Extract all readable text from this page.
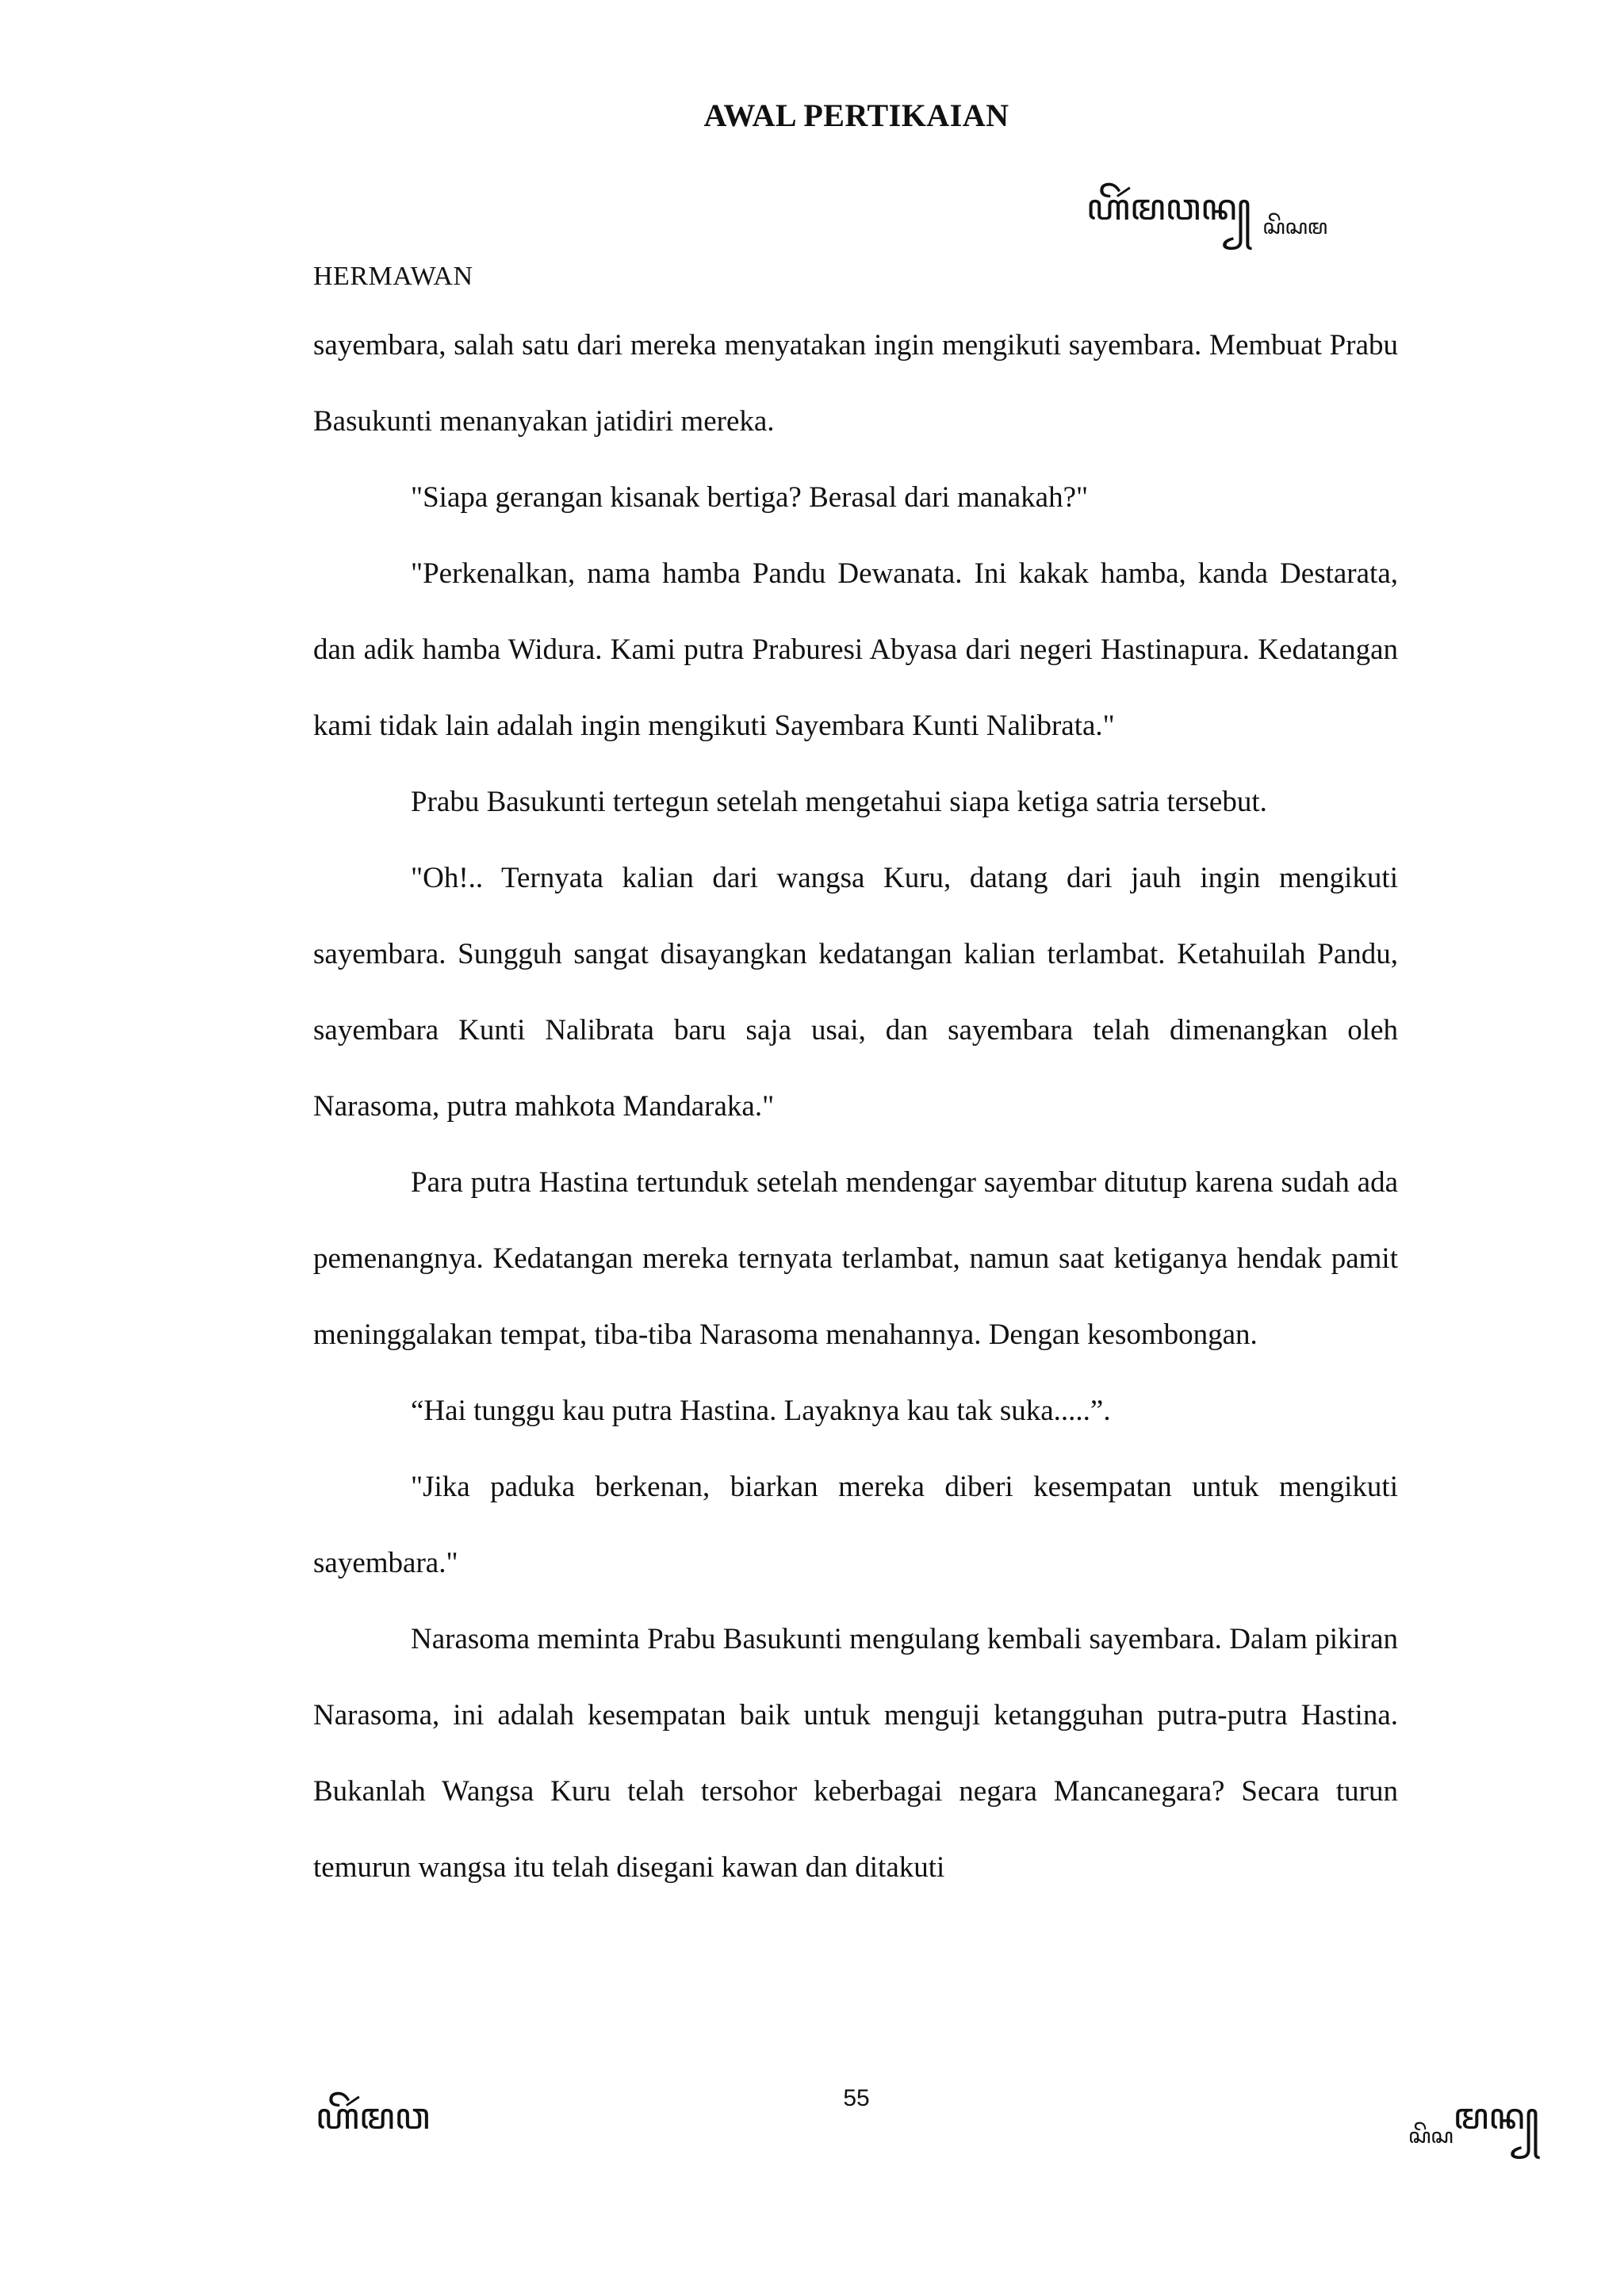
AWAL PERTIKAIAN
ꦲꦼꦂꦩꦮꦤ꧀ $_{ꦱꦼꦱꦩ}$
HERMAWAN

sayembara, salah satu dari mereka menyatakan ingin mengikuti sayembara. Membuat Prabu Basukunti menanyakan jatidiri mereka.

"Siapa gerangan kisanak bertiga? Berasal dari manakah?"

"Perkenalkan, nama hamba Pandu Dewanata. Ini kakak hamba, kanda Destarata, dan adik hamba Widura. Kami putra Praburesi Abyasa dari negeri Hastinapura. Kedatangan kami tidak lain adalah ingin mengikuti Sayembara Kunti Nalibrata."

Prabu Basukunti tertegun setelah mengetahui siapa ketiga satria tersebut.

"Oh!.. Ternyata kalian dari wangsa Kuru, datang dari jauh ingin mengikuti sayembara. Sungguh sangat disayangkan kedatangan kalian terlambat. Ketahuilah Pandu, sayembara Kunti Nalibrata baru saja usai, dan sayembara telah dimenangkan oleh Narasoma, putra mahkota Mandaraka."

Para putra Hastina tertunduk setelah mendengar sayembar ditutup karena sudah ada pemenangnya. Kedatangan mereka ternyata terlambat, namun saat ketiganya hendak pamit meninggalakan tempat, tiba-tiba Narasoma menahannya. Dengan kesombongan.

“Hai tunggu kau putra Hastina. Layaknya kau tak suka.....”.

"Jika paduka berkenan, biarkan mereka diberi kesempatan untuk mengikuti sayembara."

Narasoma meminta Prabu Basukunti mengulang kembali sayembara. Dalam pikiran Narasoma, ini adalah kesempatan baik untuk menguji ketangguhan putra-putra Hastina. Bukanlah Wangsa Kuru telah tersohor keberbagai negara Mancanegara? Secara turun temurun wangsa itu telah disegani kawan dan ditakuti

55
ꦲꦼꦂꦩꦮ	$_{ꦱꦼꦱ}$ꦩꦤ꧀
